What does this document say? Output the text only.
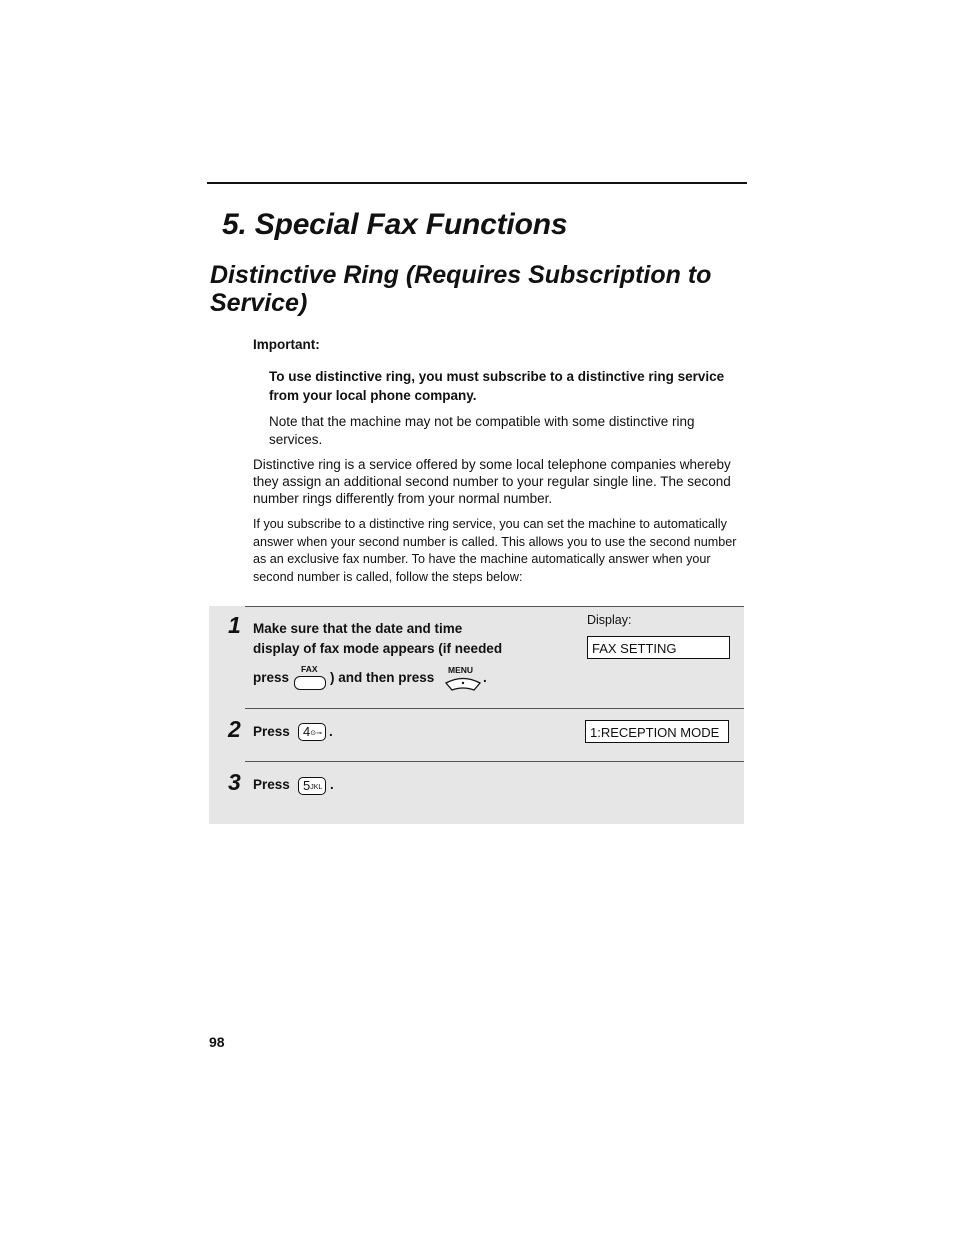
5. Special Fax Functions
Distinctive Ring (Requires Subscription to Service)
Important:
To use distinctive ring, you must subscribe to a distinctive ring service from your local phone company.
Note that the machine may not be compatible with some distinctive ring services.
Distinctive ring is a service offered by some local telephone companies whereby they assign an additional second number to your regular single line. The second number rings differently from your normal number.
If you subscribe to a distinctive ring service, you can set the machine to automatically answer when your second number is called. This allows you to use the second number as an exclusive fax number. To have the machine automatically answer when your second number is called, follow the steps below:
1 Make sure that the date and time
display of fax mode appears (if needed
press
FAX
) and then press MENU .
Display:
FAX SETTING
2 Press	4⊙⊸ .	1:RECEPTION MODE
3 Press	5JKL .
98
